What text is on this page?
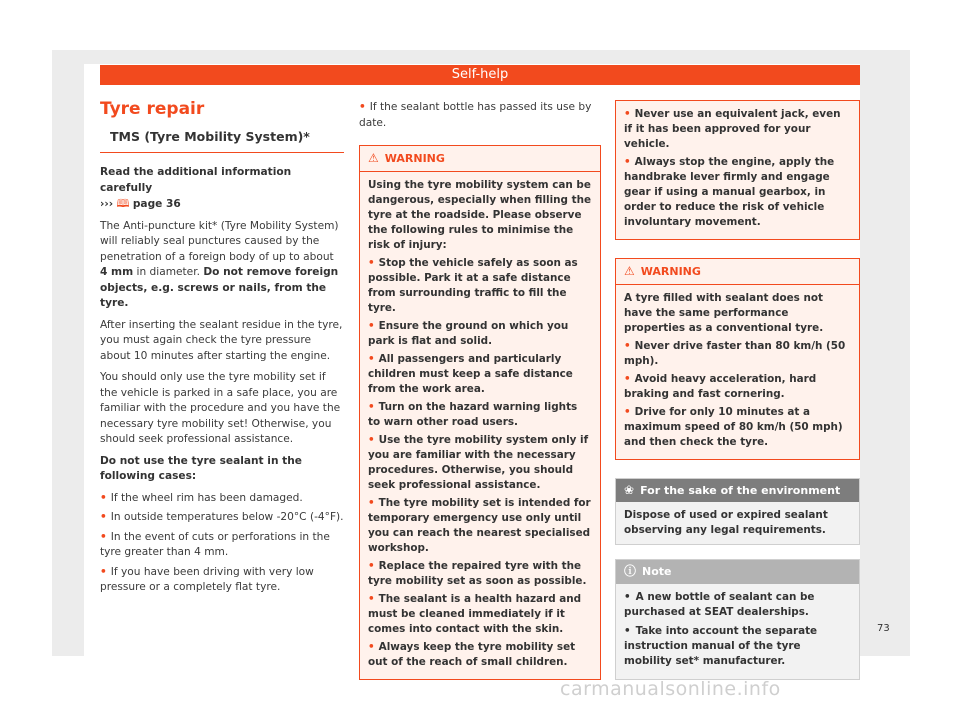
Self-help
Tyre repair
TMS (Tyre Mobility System)*

Read the additional information carefully
››› 🕮 page 36

The Anti-puncture kit* (Tyre Mobility System) will reliably seal punctures caused by the penetration of a foreign body of up to about 4 mm in diameter. Do not remove foreign objects, e.g. screws or nails, from the tyre.

After inserting the sealant residue in the tyre, you must again check the tyre pressure about 10 minutes after starting the engine.

You should only use the tyre mobility set if the vehicle is parked in a safe place, you are familiar with the procedure and you have the necessary tyre mobility set! Otherwise, you should seek professional assistance.

Do not use the tyre sealant in the following cases:

• If the wheel rim has been damaged.
• In outside temperatures below -20°C (-4°F).
• In the event of cuts or perforations in the tyre greater than 4 mm.
• If you have been driving with very low pressure or a completely flat tyre.
• If the sealant bottle has passed its use by date.
⚠ WARNING
Using the tyre mobility system can be dangerous, especially when filling the tyre at the roadside. Please observe the following rules to minimise the risk of injury:
• Stop the vehicle safely as soon as possible. Park it at a safe distance from surrounding traffic to fill the tyre.
• Ensure the ground on which you park is flat and solid.
• All passengers and particularly children must keep a safe distance from the work area.
• Turn on the hazard warning lights to warn other road users.
• Use the tyre mobility system only if you are familiar with the necessary procedures. Otherwise, you should seek professional assistance.
• The tyre mobility set is intended for temporary emergency use only until you can reach the nearest specialised workshop.
• Replace the repaired tyre with the tyre mobility set as soon as possible.
• The sealant is a health hazard and must be cleaned immediately if it comes into contact with the skin.
• Always keep the tyre mobility set out of the reach of small children.
• Never use an equivalent jack, even if it has been approved for your vehicle.
• Always stop the engine, apply the handbrake lever firmly and engage gear if using a manual gearbox, in order to reduce the risk of vehicle involuntary movement.
⚠ WARNING
A tyre filled with sealant does not have the same performance properties as a conventional tyre.
• Never drive faster than 80 km/h (50 mph).
• Avoid heavy acceleration, hard braking and fast cornering.
• Drive for only 10 minutes at a maximum speed of 80 km/h (50 mph) and then check the tyre.
❀ For the sake of the environment
Dispose of used or expired sealant observing any legal requirements.
ⓘ Note
• A new bottle of sealant can be purchased at SEAT dealerships.
• Take into account the separate instruction manual of the tyre mobility set* manufacturer.
73
carmanualsonline.info
